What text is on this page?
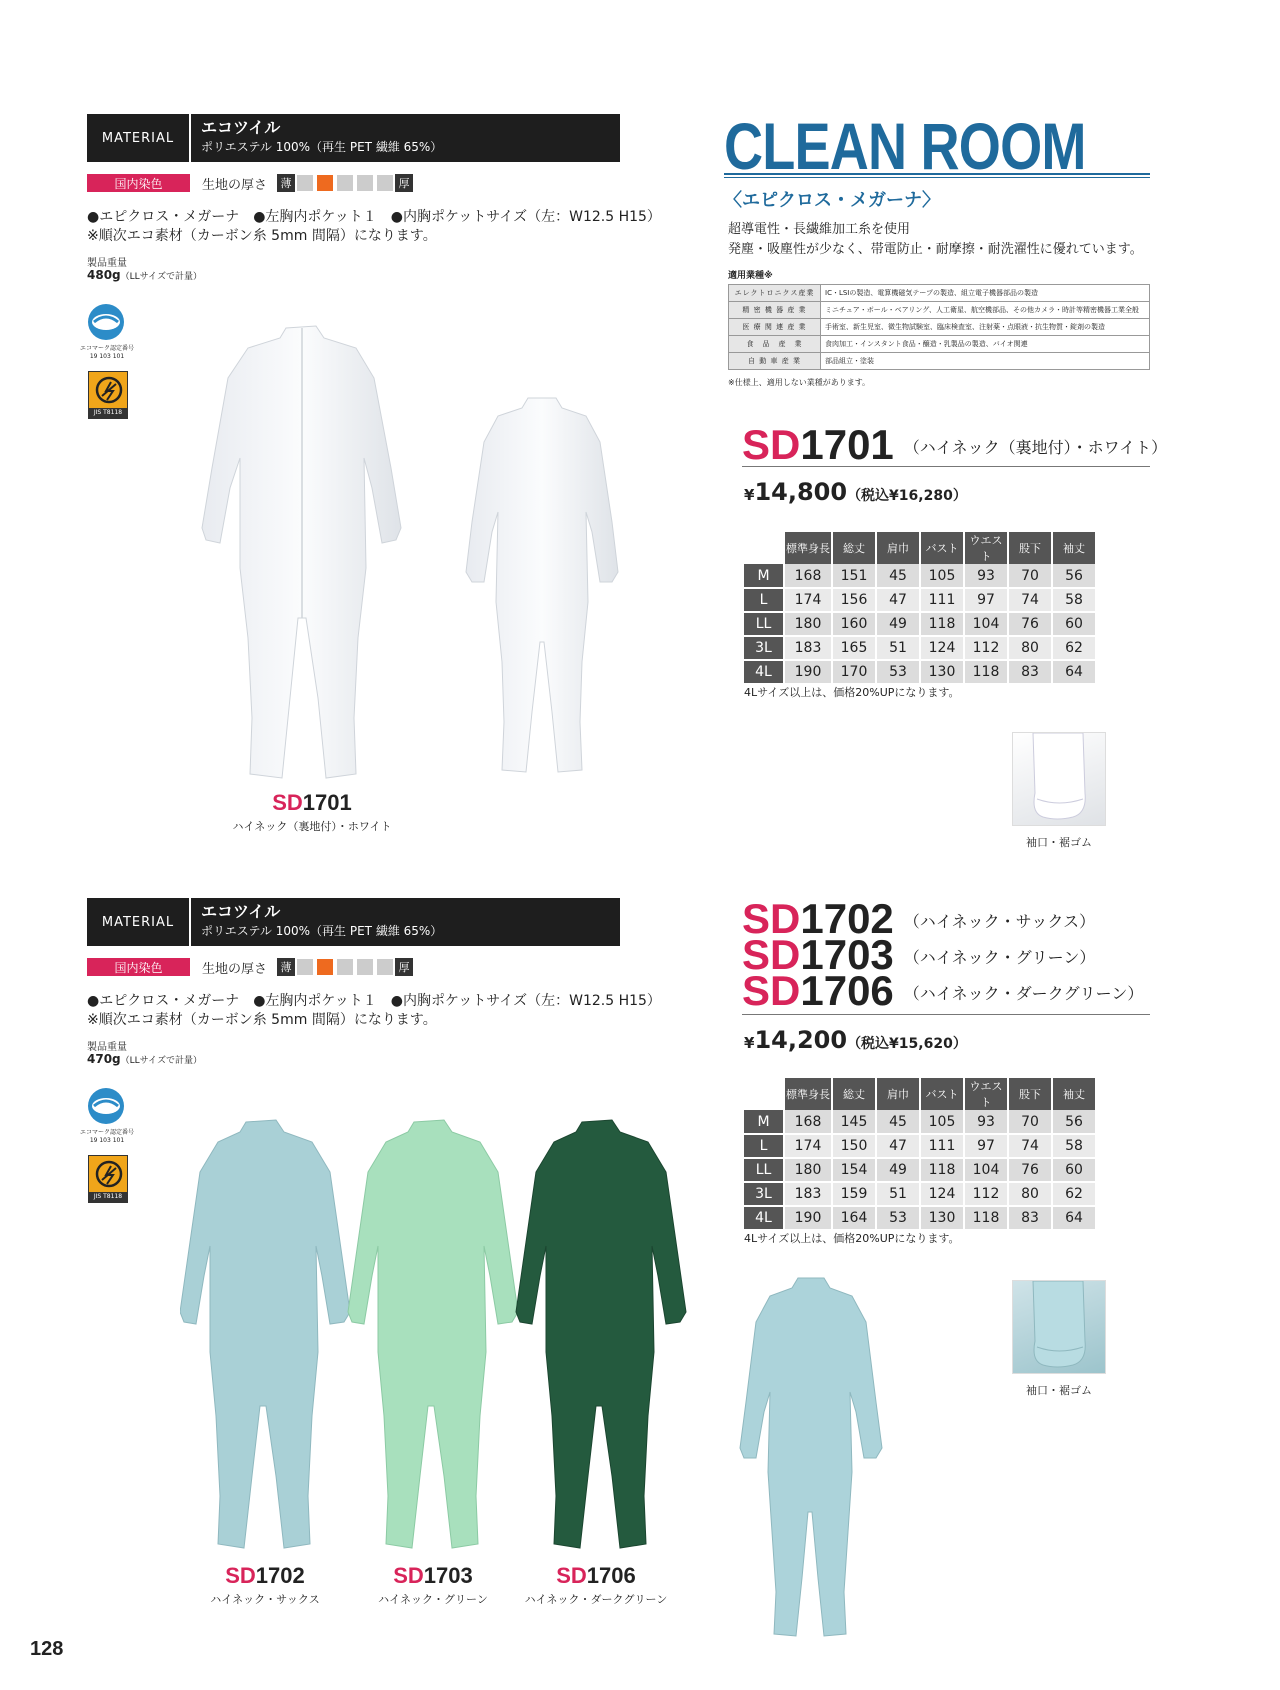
MATERIAL
エコツイル
ポリエステル 100%（再生 PET 繊維 65%）
国内染色	生地の厚さ	薄	厚
●エピクロス・メガーナ　●左胸内ポケット１　●内胸ポケットサイズ（左：W12.5 H15）
※順次エコ素材（カーボン糸 5mm 間隔）になります。
製品重量
480g（LLサイズで計量）
エコマーク認定番号
19 103 101
JIS T8118
SD1701
ハイネック（裏地付）・ホワイト
CLEAN ROOM
〈エピクロス・メガーナ〉
超導電性・長繊維加工糸を使用
発塵・吸塵性が少なく、帯電防止・耐摩擦・耐洗濯性に優れています。
適用業種※
エレクトロニクス産業	IC・LSIの製造、電算機磁気テープの製造、組立電子機器部品の製造
精 密 機 器 産 業	ミニチュア・ボール・ベアリング、人工衛星、航空機部品、その他カメラ・時計等精密機器工業全般
医 療 関 連 産 業	手術室、新生児室、微生物試験室、臨床検査室、注射薬・点眼液・抗生物質・錠剤の製造
食　品　産　業	食肉加工・インスタント食品・醸造・乳製品の製造、バイオ関連
自 動 車 産 業	部品組立・塗装
※仕様上、適用しない業種があります。
SD1701 （ハイネック（裏地付）・ホワイト）
¥14,800（税込¥16,280）
	標準身長	総丈	肩巾	バスト	ウエスト	股下	袖丈
M	168	151	45	105	93	70	56
L	174	156	47	111	97	74	58
LL	180	160	49	118	104	76	60
3L	183	165	51	124	112	80	62
4L	190	170	53	130	118	83	64
4Lサイズ以上は、価格20%UPになります。
袖口・裾ゴム
MATERIAL
エコツイル
ポリエステル 100%（再生 PET 繊維 65%）
国内染色	生地の厚さ	薄	厚
●エピクロス・メガーナ　●左胸内ポケット１　●内胸ポケットサイズ（左：W12.5 H15）
※順次エコ素材（カーボン糸 5mm 間隔）になります。
製品重量
470g（LLサイズで計量）
エコマーク認定番号
19 103 101
JIS T8118
SD1702
ハイネック・サックス
SD1703
ハイネック・グリーン
SD1706
ハイネック・ダークグリーン
SD1702 （ハイネック・サックス）
SD1703 （ハイネック・グリーン）
SD1706 （ハイネック・ダークグリーン）
¥14,200（税込¥15,620）
	標準身長	総丈	肩巾	バスト	ウエスト	股下	袖丈
M	168	145	45	105	93	70	56
L	174	150	47	111	97	74	58
LL	180	154	49	118	104	76	60
3L	183	159	51	124	112	80	62
4L	190	164	53	130	118	83	64
4Lサイズ以上は、価格20%UPになります。
袖口・裾ゴム
128
